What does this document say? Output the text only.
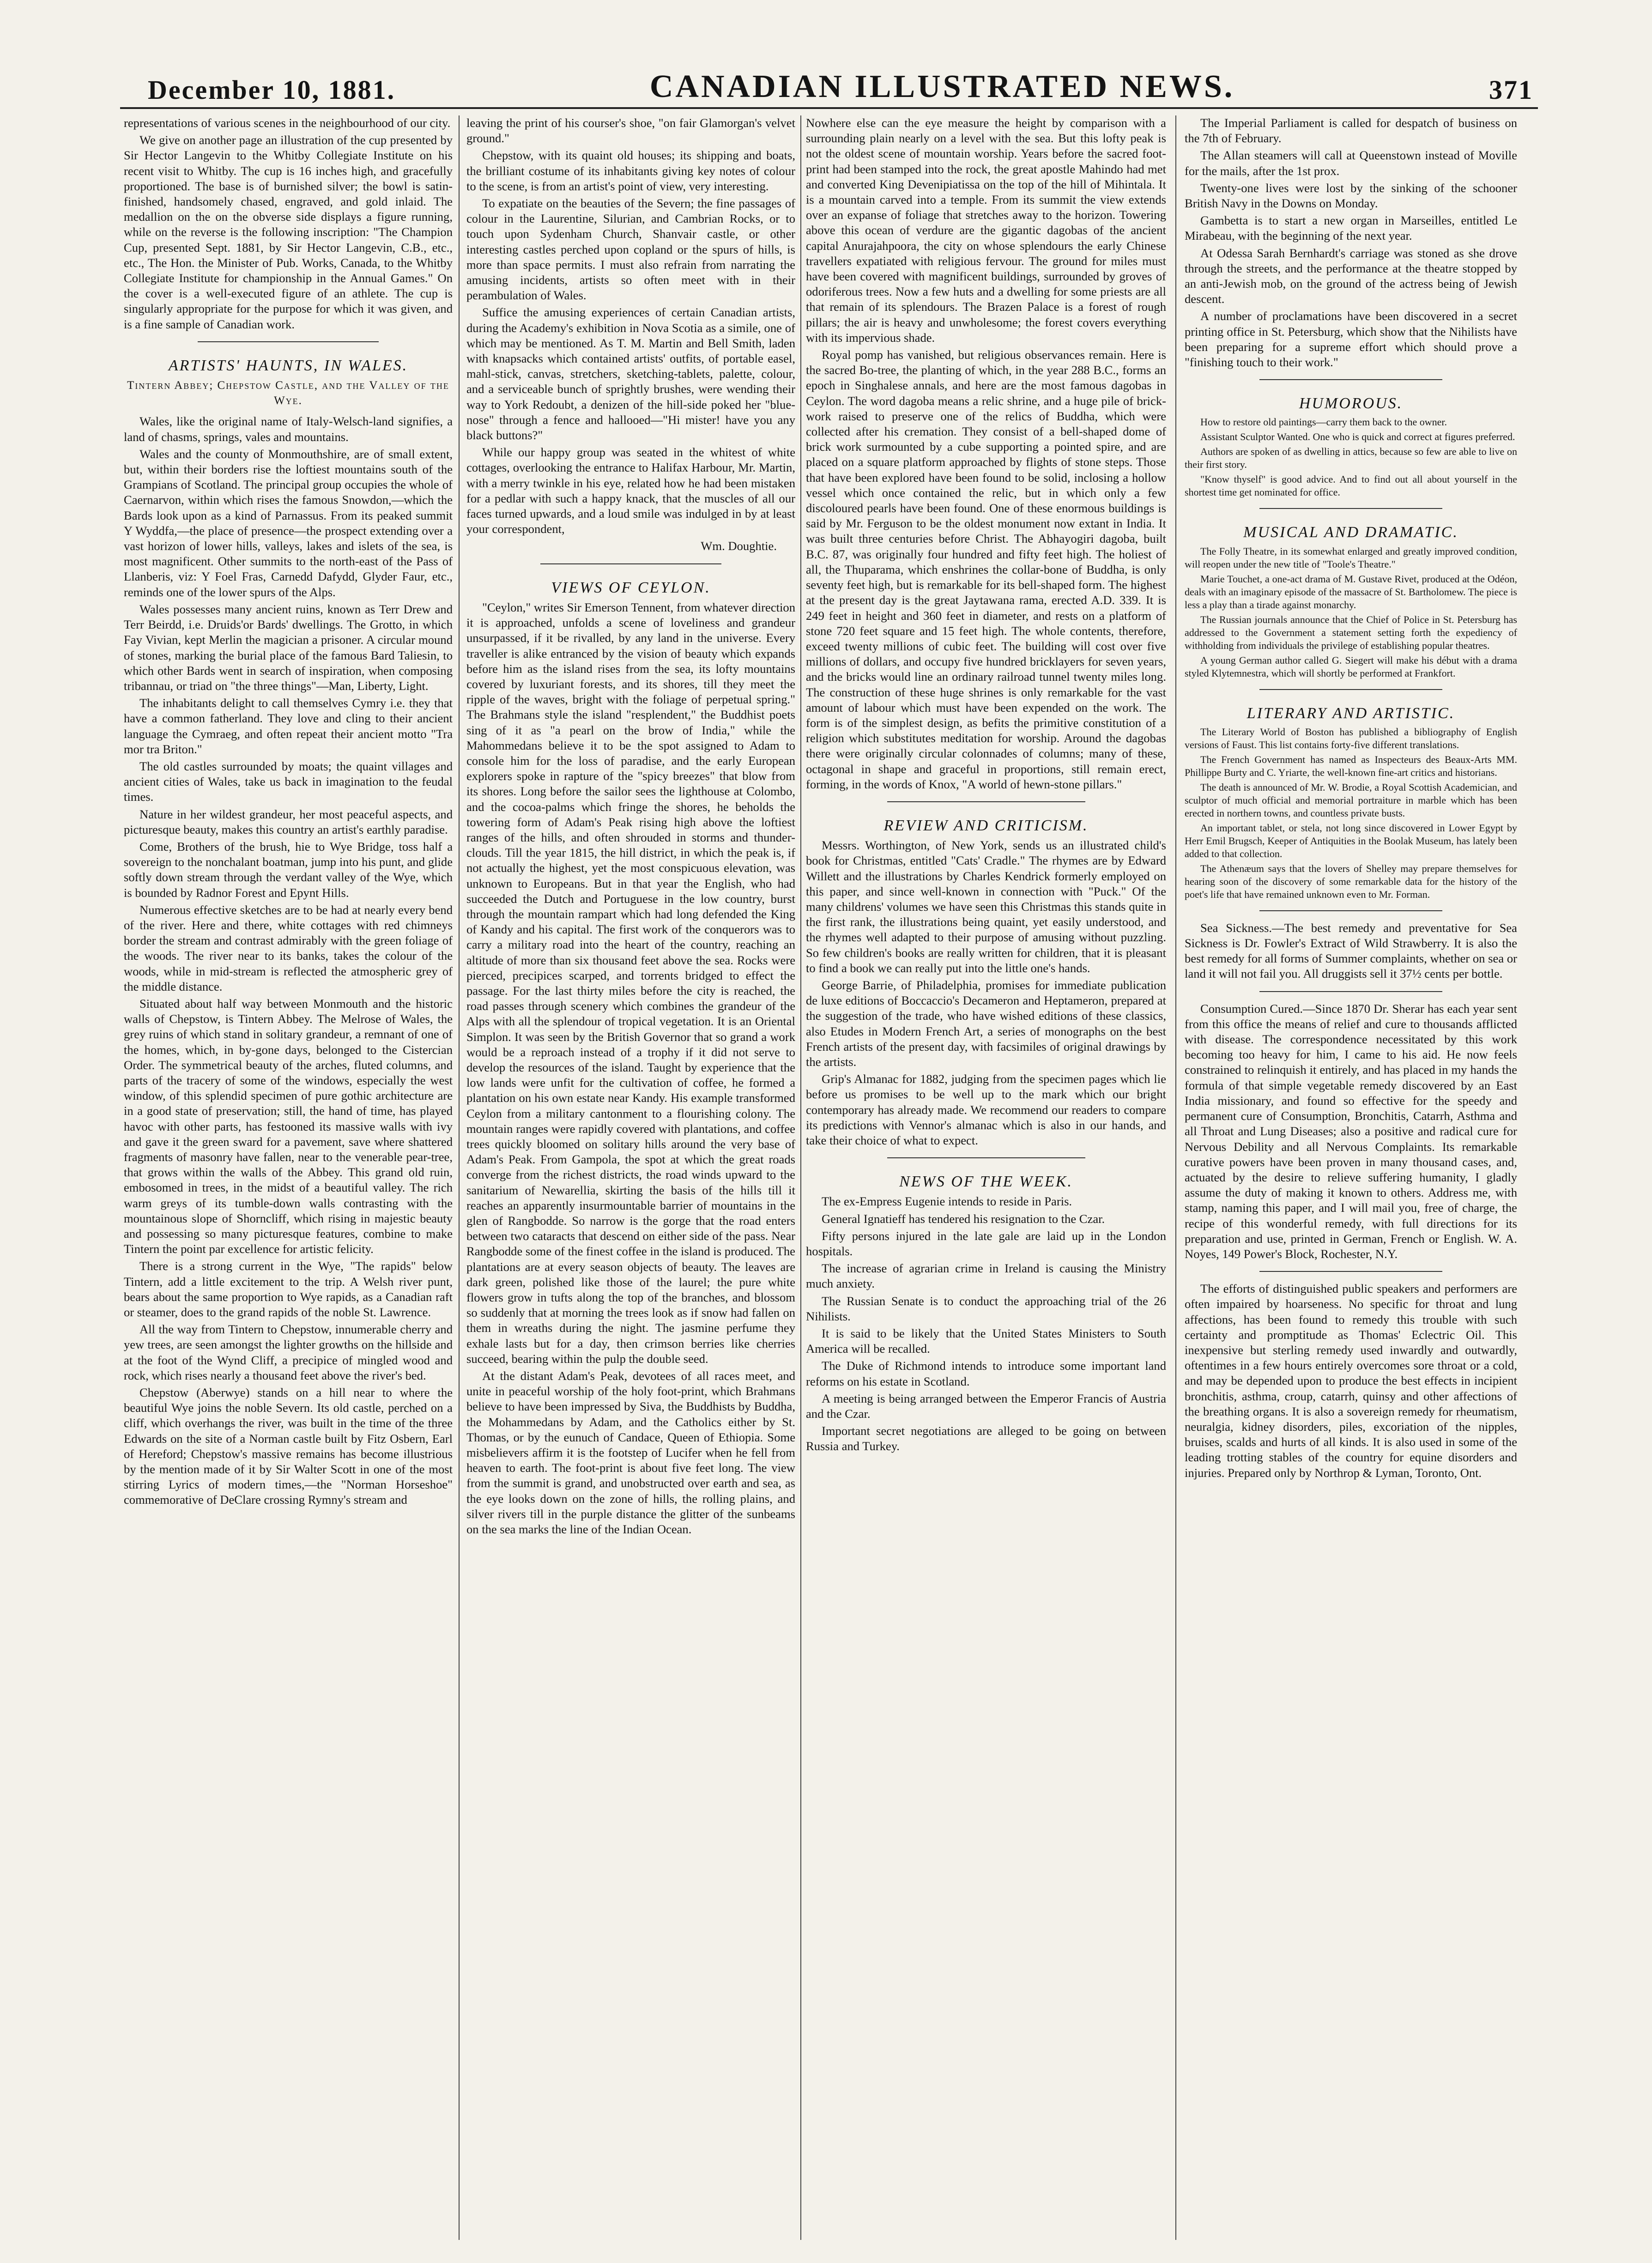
December 10, 1881.	CANADIAN ILLUSTRATED NEWS.	371

representations of various scenes in the neighbourhood of our city.

We give on another page an illustration of the cup presented by Sir Hector Langevin to the Whitby Collegiate Institute on his recent visit to Whitby. The cup is 16 inches high, and gracefully proportioned. The base is of burnished silver; the bowl is satin-finished, handsomely chased, engraved, and gold inlaid. The medallion on the on the obverse side displays a figure running, while on the reverse is the following inscription: "The Champion Cup, presented Sept. 1881, by Sir Hector Langevin, C.B., etc., etc., The Hon. the Minister of Pub. Works, Canada, to the Whitby Collegiate Institute for championship in the Annual Games." On the cover is a well-executed figure of an athlete. The cup is singularly appropriate for the purpose for which it was given, and is a fine sample of Canadian work.

ARTISTS' HAUNTS, IN WALES.
Tintern Abbey; Chepstow Castle, and the Valley of the Wye.

Wales, like the original name of Italy-Welsch-land signifies, a land of chasms, springs, vales and mountains.

Wales and the county of Monmouthshire, are of small extent, but, within their borders rise the loftiest mountains south of the Grampians of Scotland. The principal group occupies the whole of Caernarvon, within which rises the famous Snowdon,—which the Bards look upon as a kind of Parnassus. From its peaked summit Y Wyddfa,—the place of presence—the prospect extending over a vast horizon of lower hills, valleys, lakes and islets of the sea, is most magnificent. Other summits to the north-east of the Pass of Llanberis, viz: Y Foel Fras, Carnedd Dafydd, Glyder Faur, etc., reminds one of the lower spurs of the Alps.

Wales possesses many ancient ruins, known as Terr Drew and Terr Beirdd, i.e. Druids'or Bards' dwellings. The Grotto, in which Fay Vivian, kept Merlin the magician a prisoner. A circular mound of stones, marking the burial place of the famous Bard Taliesin, to which other Bards went in search of inspiration, when composing tribannau, or triad on "the three things"—Man, Liberty, Light.

The inhabitants delight to call themselves Cymry i.e. they that have a common fatherland. They love and cling to their ancient language the Cymraeg, and often repeat their ancient motto "Tra mor tra Briton."

The old castles surrounded by moats; the quaint villages and ancient cities of Wales, take us back in imagination to the feudal times.

Nature in her wildest grandeur, her most peaceful aspects, and picturesque beauty, makes this country an artist's earthly paradise.

Come, Brothers of the brush, hie to Wye Bridge, toss half a sovereign to the nonchalant boatman, jump into his punt, and glide softly down stream through the verdant valley of the Wye, which is bounded by Radnor Forest and Epynt Hills.

Numerous effective sketches are to be had at nearly every bend of the river. Here and there, white cottages with red chimneys border the stream and contrast admirably with the green foliage of the woods. The river near to its banks, takes the colour of the woods, while in mid-stream is reflected the atmospheric grey of the middle distance.

Situated about half way between Monmouth and the historic walls of Chepstow, is Tintern Abbey. The Melrose of Wales, the grey ruins of which stand in solitary grandeur, a remnant of one of the homes, which, in by-gone days, belonged to the Cistercian Order. The symmetrical beauty of the arches, fluted columns, and parts of the tracery of some of the windows, especially the west window, of this splendid specimen of pure gothic architecture are in a good state of preservation; still, the hand of time, has played havoc with other parts, has festooned its massive walls with ivy and gave it the green sward for a pavement, save where shattered fragments of masonry have fallen, near to the venerable pear-tree, that grows within the walls of the Abbey. This grand old ruin, embosomed in trees, in the midst of a beautiful valley. The rich warm greys of its tumble-down walls contrasting with the mountainous slope of Shorncliff, which rising in majestic beauty and possessing so many picturesque features, combine to make Tintern the point par excellence for artistic felicity.

There is a strong current in the Wye, "The rapids" below Tintern, add a little excitement to the trip. A Welsh river punt, bears about the same proportion to Wye rapids, as a Canadian raft or steamer, does to the grand rapids of the noble St. Lawrence.

All the way from Tintern to Chepstow, innumerable cherry and yew trees, are seen amongst the lighter growths on the hillside and at the foot of the Wynd Cliff, a precipice of mingled wood and rock, which rises nearly a thousand feet above the river's bed.

Chepstow (Aberwye) stands on a hill near to where the beautiful Wye joins the noble Severn. Its old castle, perched on a cliff, which overhangs the river, was built in the time of the three Edwards on the site of a Norman castle built by Fitz Osbern, Earl of Hereford; Chepstow's massive remains has become illustrious by the mention made of it by Sir Walter Scott in one of the most stirring Lyrics of modern times,—the "Norman Horseshoe" commemorative of DeClare crossing Rymny's stream and

leaving the print of his courser's shoe, "on fair Glamorgan's velvet ground."

Chepstow, with its quaint old houses; its shipping and boats, the brilliant costume of its inhabitants giving key notes of colour to the scene, is from an artist's point of view, very interesting.

To expatiate on the beauties of the Severn; the fine passages of colour in the Laurentine, Silurian, and Cambrian Rocks, or to touch upon Sydenham Church, Shanvair castle, or other interesting castles perched upon copland or the spurs of hills, is more than space permits. I must also refrain from narrating the amusing incidents, artists so often meet with in their perambulation of Wales.

Suffice the amusing experiences of certain Canadian artists, during the Academy's exhibition in Nova Scotia as a simile, one of which may be mentioned. As T. M. Martin and Bell Smith, laden with knapsacks which contained artists' outfits, of portable easel, mahl-stick, canvas, stretchers, sketching-tablets, palette, colour, and a serviceable bunch of sprightly brushes, were wending their way to York Redoubt, a denizen of the hill-side poked her "blue-nose" through a fence and hallooed—"Hi mister! have you any black buttons?"

While our happy group was seated in the whitest of white cottages, overlooking the entrance to Halifax Harbour, Mr. Martin, with a merry twinkle in his eye, related how he had been mistaken for a pedlar with such a happy knack, that the muscles of all our faces turned upwards, and a loud smile was indulged in by at least your correspondent,

Wm. Doughtie.

VIEWS OF CEYLON.

"Ceylon," writes Sir Emerson Tennent, from whatever direction it is approached, unfolds a scene of loveliness and grandeur unsurpassed, if it be rivalled, by any land in the universe. Every traveller is alike entranced by the vision of beauty which expands before him as the island rises from the sea, its lofty mountains covered by luxuriant forests, and its shores, till they meet the ripple of the waves, bright with the foliage of perpetual spring." The Brahmans style the island "resplendent," the Buddhist poets sing of it as "a pearl on the brow of India," while the Mahommedans believe it to be the spot assigned to Adam to console him for the loss of paradise, and the early European explorers spoke in rapture of the "spicy breezes" that blow from its shores. Long before the sailor sees the lighthouse at Colombo, and the cocoa-palms which fringe the shores, he beholds the towering form of Adam's Peak rising high above the loftiest ranges of the hills, and often shrouded in storms and thunder-clouds. Till the year 1815, the hill district, in which the peak is, if not actually the highest, yet the most conspicuous elevation, was unknown to Europeans. But in that year the English, who had succeeded the Dutch and Portuguese in the low country, burst through the mountain rampart which had long defended the King of Kandy and his capital. The first work of the conquerors was to carry a military road into the heart of the country, reaching an altitude of more than six thousand feet above the sea. Rocks were pierced, precipices scarped, and torrents bridged to effect the passage. For the last thirty miles before the city is reached, the road passes through scenery which combines the grandeur of the Alps with all the splendour of tropical vegetation. It is an Oriental Simplon. It was seen by the British Governor that so grand a work would be a reproach instead of a trophy if it did not serve to develop the resources of the island. Taught by experience that the low lands were unfit for the cultivation of coffee, he formed a plantation on his own estate near Kandy. His example transformed Ceylon from a military cantonment to a flourishing colony. The mountain ranges were rapidly covered with plantations, and coffee trees quickly bloomed on solitary hills around the very base of Adam's Peak. From Gampola, the spot at which the great roads converge from the richest districts, the road winds upward to the sanitarium of Newarellia, skirting the basis of the hills till it reaches an apparently insurmountable barrier of mountains in the glen of Rangbodde. So narrow is the gorge that the road enters between two cataracts that descend on either side of the pass. Near Rangbodde some of the finest coffee in the island is produced. The plantations are at every season objects of beauty. The leaves are dark green, polished like those of the laurel; the pure white flowers grow in tufts along the top of the branches, and blossom so suddenly that at morning the trees look as if snow had fallen on them in wreaths during the night. The jasmine perfume they exhale lasts but for a day, then crimson berries like cherries succeed, bearing within the pulp the double seed.

At the distant Adam's Peak, devotees of all races meet, and unite in peaceful worship of the holy foot-print, which Brahmans believe to have been impressed by Siva, the Buddhists by Buddha, the Mohammedans by Adam, and the Catholics either by St. Thomas, or by the eunuch of Candace, Queen of Ethiopia. Some misbelievers affirm it is the footstep of Lucifer when he fell from heaven to earth. The foot-print is about five feet long. The view from the summit is grand, and unobstructed over earth and sea, as the eye looks down on the zone of hills, the rolling plains, and silver rivers till in the purple distance the glitter of the sunbeams on the sea marks the line of the Indian Ocean.

Nowhere else can the eye measure the height by comparison with a surrounding plain nearly on a level with the sea. But this lofty peak is not the oldest scene of mountain worship. Years before the sacred foot-print had been stamped into the rock, the great apostle Mahindo had met and converted King Devenipiatissa on the top of the hill of Mihintala. It is a mountain carved into a temple. From its summit the view extends over an expanse of foliage that stretches away to the horizon. Towering above this ocean of verdure are the gigantic dagobas of the ancient capital Anurajahpoora, the city on whose splendours the early Chinese travellers expatiated with religious fervour. The ground for miles must have been covered with magnificent buildings, surrounded by groves of odoriferous trees. Now a few huts and a dwelling for some priests are all that remain of its splendours. The Brazen Palace is a forest of rough pillars; the air is heavy and unwholesome; the forest covers everything with its impervious shade.

Royal pomp has vanished, but religious observances remain. Here is the sacred Bo-tree, the planting of which, in the year 288 B.C., forms an epoch in Singhalese annals, and here are the most famous dagobas in Ceylon. The word dagoba means a relic shrine, and a huge pile of brick-work raised to preserve one of the relics of Buddha, which were collected after his cremation. They consist of a bell-shaped dome of brick work surmounted by a cube supporting a pointed spire, and are placed on a square platform approached by flights of stone steps. Those that have been explored have been found to be solid, inclosing a hollow vessel which once contained the relic, but in which only a few discoloured pearls have been found. One of these enormous buildings is said by Mr. Ferguson to be the oldest monument now extant in India. It was built three centuries before Christ. The Abhayogiri dagoba, built B.C. 87, was originally four hundred and fifty feet high. The holiest of all, the Thuparama, which enshrines the collar-bone of Buddha, is only seventy feet high, but is remarkable for its bell-shaped form. The highest at the present day is the great Jaytawana rama, erected A.D. 339. It is 249 feet in height and 360 feet in diameter, and rests on a platform of stone 720 feet square and 15 feet high. The whole contents, therefore, exceed twenty millions of cubic feet. The building will cost over five millions of dollars, and occupy five hundred bricklayers for seven years, and the bricks would line an ordinary railroad tunnel twenty miles long. The construction of these huge shrines is only remarkable for the vast amount of labour which must have been expended on the work. The form is of the simplest design, as befits the primitive constitution of a religion which substitutes meditation for worship. Around the dagobas there were originally circular colonnades of columns; many of these, octagonal in shape and graceful in proportions, still remain erect, forming, in the words of Knox, "A world of hewn-stone pillars."

REVIEW AND CRITICISM.

Messrs. Worthington, of New York, sends us an illustrated child's book for Christmas, entitled "Cats' Cradle." The rhymes are by Edward Willett and the illustrations by Charles Kendrick formerly employed on this paper, and since well-known in connection with "Puck." Of the many childrens' volumes we have seen this Christmas this stands quite in the first rank, the illustrations being quaint, yet easily understood, and the rhymes well adapted to their purpose of amusing without puzzling. So few children's books are really written for children, that it is pleasant to find a book we can really put into the little one's hands.

George Barrie, of Philadelphia, promises for immediate publication de luxe editions of Boccaccio's Decameron and Heptameron, prepared at the suggestion of the trade, who have wished editions of these classics, also Etudes in Modern French Art, a series of monographs on the best French artists of the present day, with facsimiles of original drawings by the artists.

Grip's Almanac for 1882, judging from the specimen pages which lie before us promises to be well up to the mark which our bright contemporary has already made. We recommend our readers to compare its predictions with Vennor's almanac which is also in our hands, and take their choice of what to expect.

NEWS OF THE WEEK.

The ex-Empress Eugenie intends to reside in Paris.

General Ignatieff has tendered his resignation to the Czar.

Fifty persons injured in the late gale are laid up in the London hospitals.

The increase of agrarian crime in Ireland is causing the Ministry much anxiety.

The Russian Senate is to conduct the approaching trial of the 26 Nihilists.

It is said to be likely that the United States Ministers to South America will be recalled.

The Duke of Richmond intends to introduce some important land reforms on his estate in Scotland.

A meeting is being arranged between the Emperor Francis of Austria and the Czar.

Important secret negotiations are alleged to be going on between Russia and Turkey.

The Imperial Parliament is called for despatch of business on the 7th of February.

The Allan steamers will call at Queenstown instead of Moville for the mails, after the 1st prox.

Twenty-one lives were lost by the sinking of the schooner British Navy in the Downs on Monday.

Gambetta is to start a new organ in Marseilles, entitled Le Mirabeau, with the beginning of the next year.

At Odessa Sarah Bernhardt's carriage was stoned as she drove through the streets, and the performance at the theatre stopped by an anti-Jewish mob, on the ground of the actress being of Jewish descent.

A number of proclamations have been discovered in a secret printing office in St. Petersburg, which show that the Nihilists have been preparing for a supreme effort which should prove a "finishing touch to their work."

HUMOROUS.

How to restore old paintings—carry them back to the owner.

Assistant Sculptor Wanted. One who is quick and correct at figures preferred.

Authors are spoken of as dwelling in attics, because so few are able to live on their first story.

"Know thyself" is good advice. And to find out all about yourself in the shortest time get nominated for office.

MUSICAL AND DRAMATIC.

The Folly Theatre, in its somewhat enlarged and greatly improved condition, will reopen under the new title of "Toole's Theatre."

Marie Touchet, a one-act drama of M. Gustave Rivet, produced at the Odéon, deals with an imaginary episode of the massacre of St. Bartholomew. The piece is less a play than a tirade against monarchy.

The Russian journals announce that the Chief of Police in St. Petersburg has addressed to the Government a statement setting forth the expediency of withholding from individuals the privilege of establishing popular theatres.

A young German author called G. Siegert will make his début with a drama styled Klytemnestra, which will shortly be performed at Frankfort.

LITERARY AND ARTISTIC.

The Literary World of Boston has published a bibliography of English versions of Faust. This list contains forty-five different translations.

The French Government has named as Inspecteurs des Beaux-Arts MM. Phillippe Burty and C. Yriarte, the well-known fine-art critics and historians.

The death is announced of Mr. W. Brodie, a Royal Scottish Academician, and sculptor of much official and memorial portraiture in marble which has been erected in northern towns, and countless private busts.

An important tablet, or stela, not long since discovered in Lower Egypt by Herr Emil Brugsch, Keeper of Antiquities in the Boolak Museum, has lately been added to that collection.

The Athenæum says that the lovers of Shelley may prepare themselves for hearing soon of the discovery of some remarkable data for the history of the poet's life that have remained unknown even to Mr. Forman.

Sea Sickness.—The best remedy and preventative for Sea Sickness is Dr. Fowler's Extract of Wild Strawberry. It is also the best remedy for all forms of Summer complaints, whether on sea or land it will not fail you. All druggists sell it 37½ cents per bottle.

Consumption Cured.—Since 1870 Dr. Sherar has each year sent from this office the means of relief and cure to thousands afflicted with disease. The correspondence necessitated by this work becoming too heavy for him, I came to his aid. He now feels constrained to relinquish it entirely, and has placed in my hands the formula of that simple vegetable remedy discovered by an East India missionary, and found so effective for the speedy and permanent cure of Consumption, Bronchitis, Catarrh, Asthma and all Throat and Lung Diseases; also a positive and radical cure for Nervous Debility and all Nervous Complaints. Its remarkable curative powers have been proven in many thousand cases, and, actuated by the desire to relieve suffering humanity, I gladly assume the duty of making it known to others. Address me, with stamp, naming this paper, and I will mail you, free of charge, the recipe of this wonderful remedy, with full directions for its preparation and use, printed in German, French or English. W. A. Noyes, 149 Power's Block, Rochester, N.Y.

The efforts of distinguished public speakers and performers are often impaired by hoarseness. No specific for throat and lung affections, has been found to remedy this trouble with such certainty and promptitude as Thomas' Eclectric Oil. This inexpensive but sterling remedy used inwardly and outwardly, oftentimes in a few hours entirely overcomes sore throat or a cold, and may be depended upon to produce the best effects in incipient bronchitis, asthma, croup, catarrh, quinsy and other affections of the breathing organs. It is also a sovereign remedy for rheumatism, neuralgia, kidney disorders, piles, excoriation of the nipples, bruises, scalds and hurts of all kinds. It is also used in some of the leading trotting stables of the country for equine disorders and injuries. Prepared only by Northrop & Lyman, Toronto, Ont.
